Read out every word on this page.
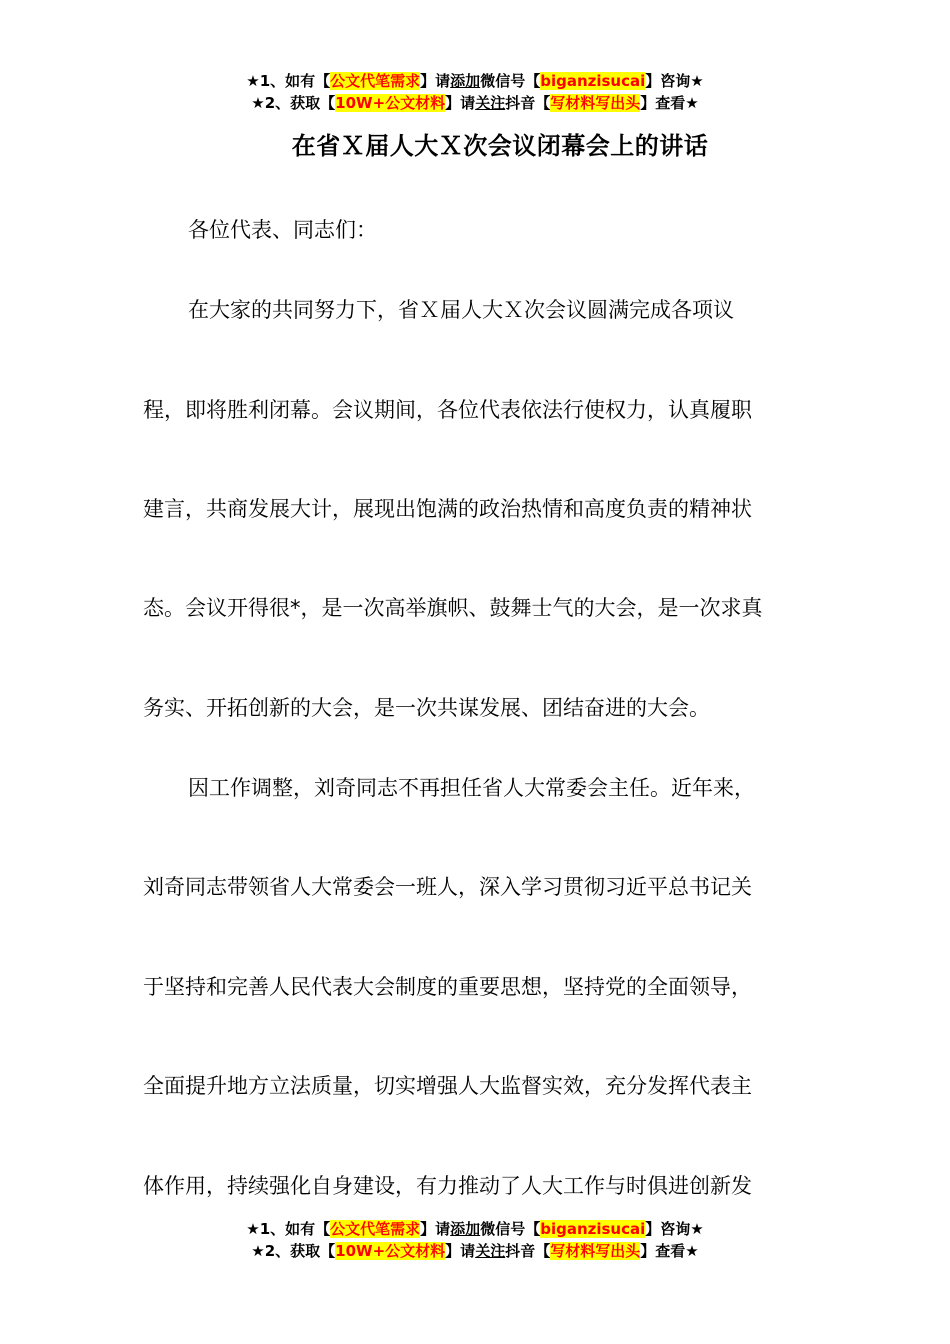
★1、如有【公文代笔需求】请添加微信号【biganzisucai】咨询★
★2、获取【10W+公文材料】请关注抖音【写材料写出头】查看★
在省Ｘ届人大Ｘ次会议闭幕会上的讲话
各位代表、同志们：
在大家的共同努力下，省Ｘ届人大Ｘ次会议圆满完成各项议
程，即将胜利闭幕。会议期间，各位代表依法行使权力，认真履职
建言，共商发展大计，展现出饱满的政治热情和高度负责的精神状
态。会议开得很*，是一次高举旗帜、鼓舞士气的大会，是一次求真
务实、开拓创新的大会，是一次共谋发展、团结奋进的大会。
因工作调整，刘奇同志不再担任省人大常委会主任。近年来，
刘奇同志带领省人大常委会一班人，深入学习贯彻习近平总书记关
于坚持和完善人民代表大会制度的重要思想，坚持党的全面领导，
全面提升地方立法质量，切实增强人大监督实效，充分发挥代表主
体作用，持续强化自身建设，有力推动了人大工作与时俱进创新发
★1、如有【公文代笔需求】请添加微信号【biganzisucai】咨询★
★2、获取【10W+公文材料】请关注抖音【写材料写出头】查看★
